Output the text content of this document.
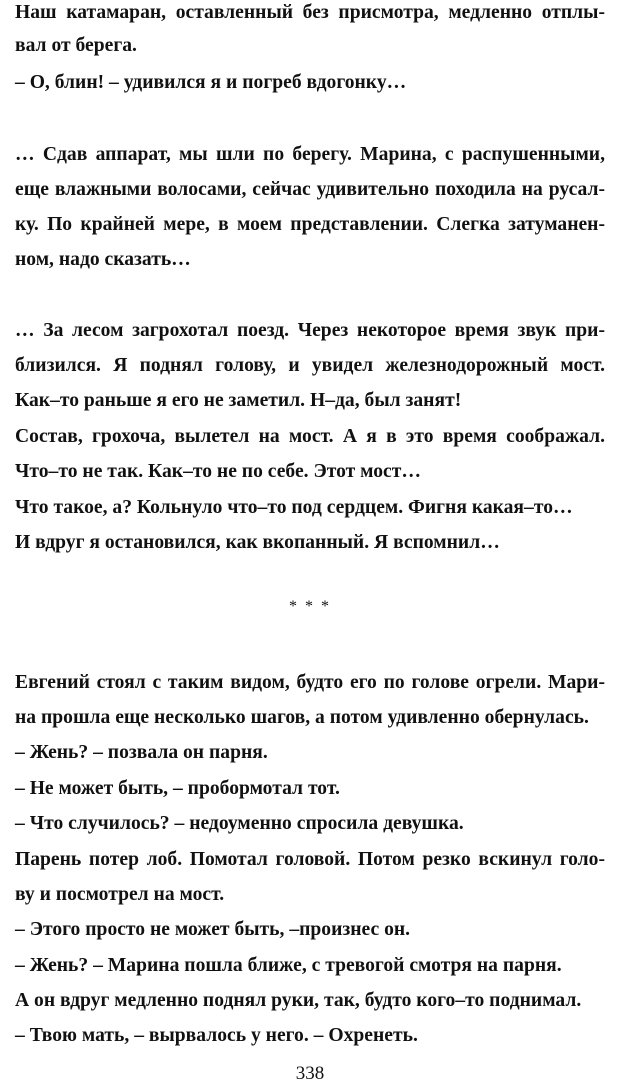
Наш катамаран, оставленный без присмотра, медленно отплы-

вал от берега.

– О, блин! – удивился я и погреб вдогонку…

… Сдав аппарат, мы шли по берегу. Марина, с распушенными,

еще влажными волосами, сейчас удивительно походила на русал-

ку. По крайней мере, в моем представлении. Слегка затуманен-

ном, надо сказать…

… За лесом загрохотал поезд. Через некоторое время звук при-

близился. Я поднял голову, и увидел железнодорожный мост.

Как–то раньше я его не заметил. Н–да, был занят!

Состав, грохоча, вылетел на мост. А я в это время соображал.

Что–то не так. Как–то не по себе. Этот мост…

Что такое, а? Кольнуло что–то под сердцем. Фигня какая–то…

И вдруг я остановился, как вкопанный. Я вспомнил…

* * *

Евгений стоял с таким видом, будто его по голове огрели. Мари-

на прошла еще несколько шагов, а потом удивленно обернулась.

– Жень? – позвала он парня.

– Не может быть, – пробормотал тот.

– Что случилось? – недоуменно спросила девушка.

Парень потер лоб. Помотал головой. Потом резко вскинул голо-

ву и посмотрел на мост.

– Этого просто не может быть, –произнес он.

– Жень? – Марина пошла ближе, с тревогой смотря на парня.

А он вдруг медленно поднял руки, так, будто кого–то поднимал.

– Твою мать, – вырвалось у него. – Охренеть.

338
